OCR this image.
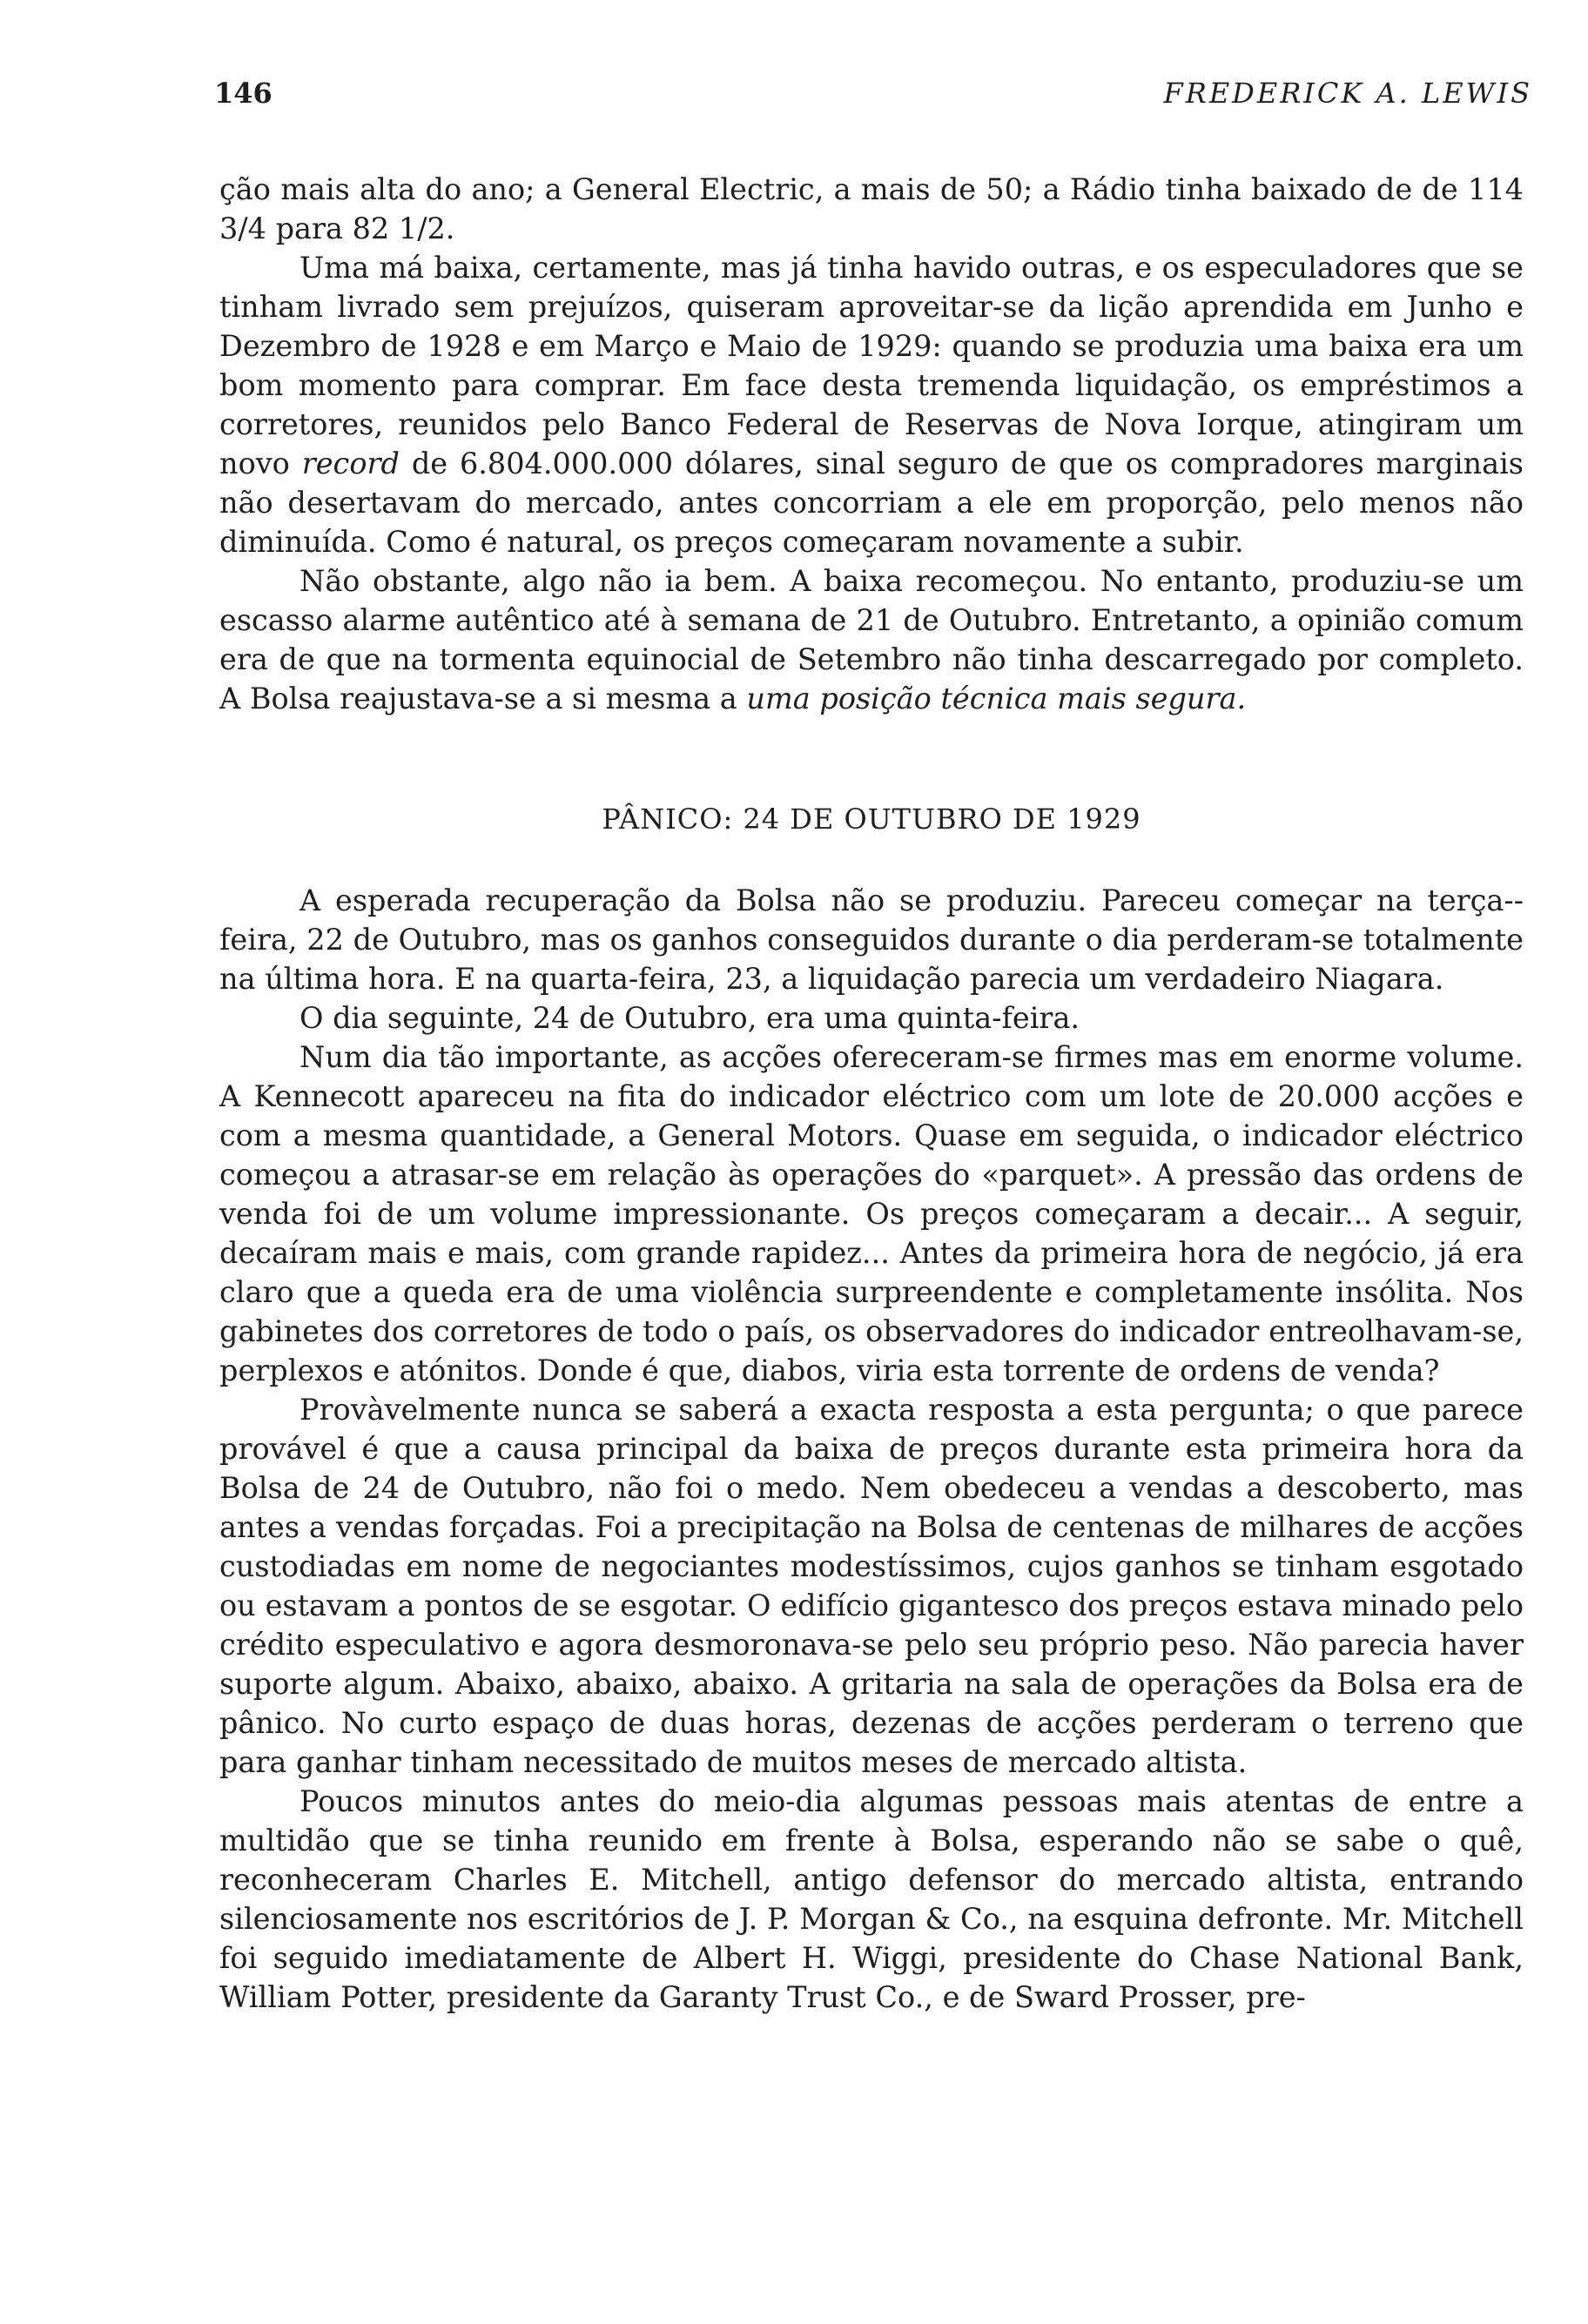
146	FREDERICK A. LEWIS

ção mais alta do ano; a General Electric, a mais de 50; a Rádio tinha baixado de de 114 3/4 para 82 1/2.

Uma má baixa, certamente, mas já tinha havido outras, e os especuladores que se tinham livrado sem prejuízos, quiseram aproveitar-se da lição aprendida em Junho e Dezembro de 1928 e em Março e Maio de 1929: quando se produzia uma baixa era um bom momento para comprar. Em face desta tremenda liquidação, os empréstimos a corretores, reunidos pelo Banco Federal de Reservas de Nova Iorque, atingiram um novo record de 6.804.000.000 dólares, sinal seguro de que os compradores marginais não desertavam do mercado, antes concorriam a ele em proporção, pelo menos não diminuída. Como é natural, os preços começaram novamente a subir.

Não obstante, algo não ia bem. A baixa recomeçou. No entanto, produziu-se um escasso alarme autêntico até à semana de 21 de Outubro. Entretanto, a opinião comum era de que na tormenta equinocial de Setembro não tinha descarregado por completo. A Bolsa reajustava-se a si mesma a uma posição técnica mais segura.

PÂNICO: 24 DE OUTUBRO DE 1929

A esperada recuperação da Bolsa não se produziu. Pareceu começar na terça--feira, 22 de Outubro, mas os ganhos conseguidos durante o dia perderam-se totalmente na última hora. E na quarta-feira, 23, a liquidação parecia um verdadeiro Niagara.

O dia seguinte, 24 de Outubro, era uma quinta-feira.

Num dia tão importante, as acções ofereceram-se firmes mas em enorme volume. A Kennecott apareceu na fita do indicador eléctrico com um lote de 20.000 acções e com a mesma quantidade, a General Motors. Quase em seguida, o indicador eléctrico começou a atrasar-se em relação às operações do «parquet». A pressão das ordens de venda foi de um volume impressionante. Os preços começaram a decair... A seguir, decaíram mais e mais, com grande rapidez... Antes da primeira hora de negócio, já era claro que a queda era de uma violência surpreendente e completamente insólita. Nos gabinetes dos corretores de todo o país, os observadores do indicador entreolhavam-se, perplexos e atónitos. Donde é que, diabos, viria esta torrente de ordens de venda?

Provàvelmente nunca se saberá a exacta resposta a esta pergunta; o que parece provável é que a causa principal da baixa de preços durante esta primeira hora da Bolsa de 24 de Outubro, não foi o medo. Nem obedeceu a vendas a descoberto, mas antes a vendas forçadas. Foi a precipitação na Bolsa de centenas de milhares de acções custodiadas em nome de negociantes modestíssimos, cujos ganhos se tinham esgotado ou estavam a pontos de se esgotar. O edifício gigantesco dos preços estava minado pelo crédito especulativo e agora desmoronava-se pelo seu próprio peso. Não parecia haver suporte algum. Abaixo, abaixo, abaixo. A gritaria na sala de operações da Bolsa era de pânico. No curto espaço de duas horas, dezenas de acções perderam o terreno que para ganhar tinham necessitado de muitos meses de mercado altista.

Poucos minutos antes do meio-dia algumas pessoas mais atentas de entre a multidão que se tinha reunido em frente à Bolsa, esperando não se sabe o quê, reconheceram Charles E. Mitchell, antigo defensor do mercado altista, entrando silenciosamente nos escritórios de J. P. Morgan & Co., na esquina defronte. Mr. Mitchell foi seguido imediatamente de Albert H. Wiggi, presidente do Chase National Bank, William Potter, presidente da Garanty Trust Co., e de Sward Prosser, pre-
